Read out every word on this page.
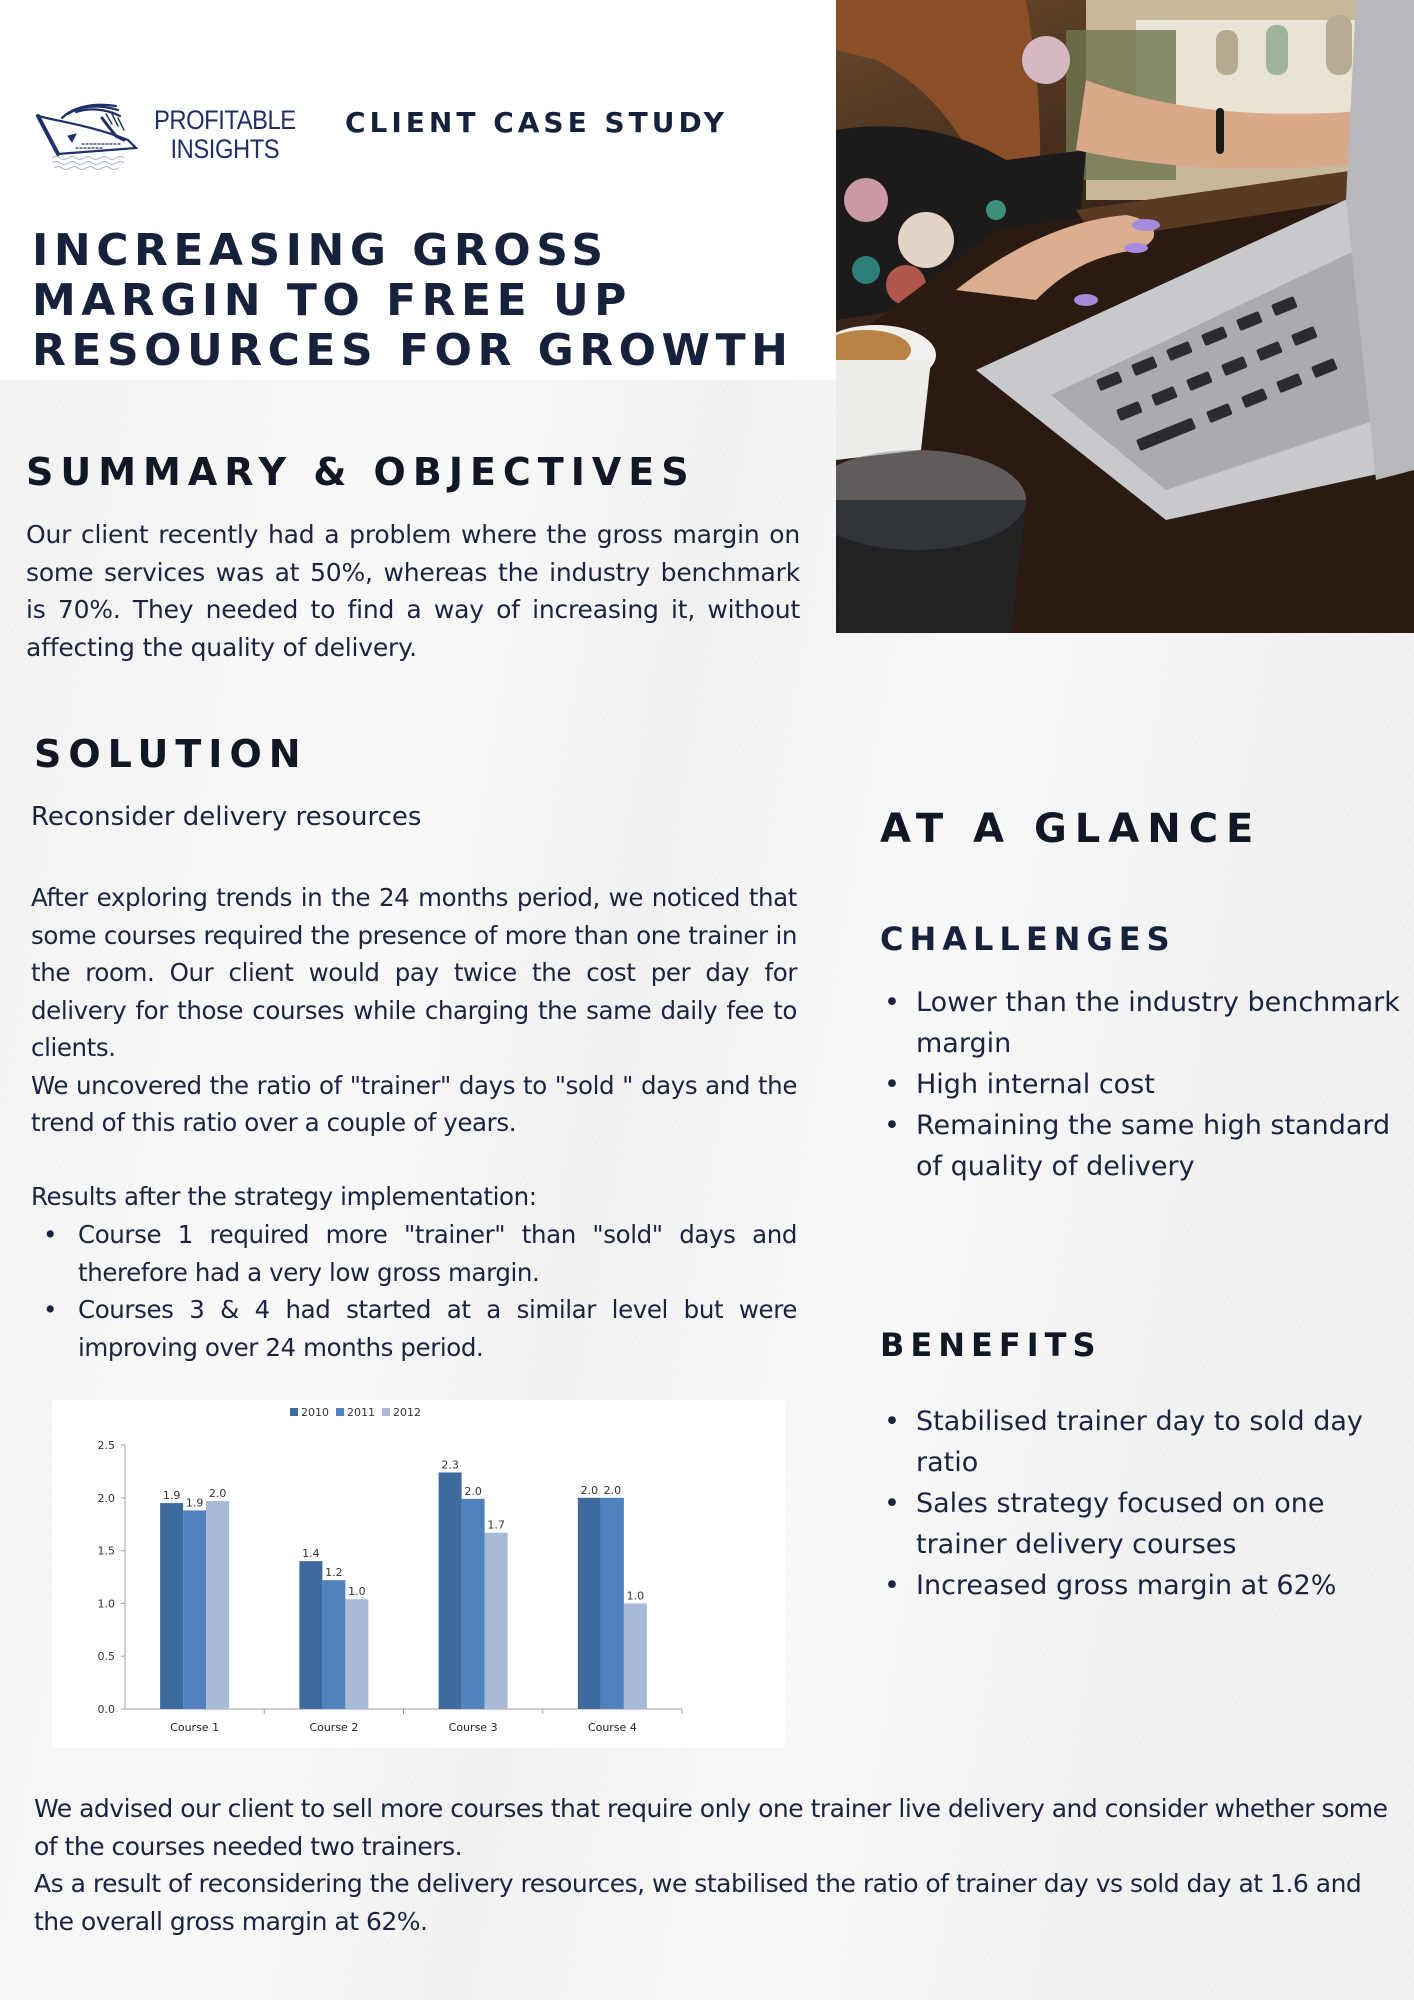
PROFITABLE
INSIGHTS
CLIENT CASE STUDY
INCREASING GROSS
MARGIN TO FREE UP
RESOURCES FOR GROWTH
SUMMARY & OBJECTIVES

Our client recently had a problem where the gross margin on some services was at 50%, whereas the industry benchmark is 70%. They needed to find a way of increasing it, without affecting the quality of delivery.

SOLUTION
Reconsider delivery resources

After exploring trends in the 24 months period, we noticed that some courses required the presence of more than one trainer in the room. Our client would pay twice the cost per day for delivery for those courses while charging the same daily fee to clients.

We uncovered the ratio of "trainer" days to "sold " days and the trend of this ratio over a couple of years.

Results after the strategy implementation:
• Course 1 required more "trainer" than "sold" days and therefore had a very low gross margin.
• Courses 3 & 4 had started at a similar level but were improving over 24 months period.
2010 2011 2012
0.0
0.5
1.0
1.5
2.0
2.5
1.9
1.9
2.0
Course 1
1.4
1.2
1.0
Course 2
2.3
2.0
1.7
Course 3
2.0 2.0
1.0
Course 4

We advised our client to sell more courses that require only one trainer live delivery and consider whether some of the courses needed two trainers.

As a result of reconsidering the delivery resources, we stabilised the ratio of trainer day vs sold day at 1.6 and the overall gross margin at 62%.

AT A GLANCE
CHALLENGES
• Lower than the industry benchmark margin
• High internal cost
• Remaining the same high standard of quality of delivery
BENEFITS
• Stabilised trainer day to sold day ratio
• Sales strategy focused on one trainer delivery courses
• Increased gross margin at 62%
